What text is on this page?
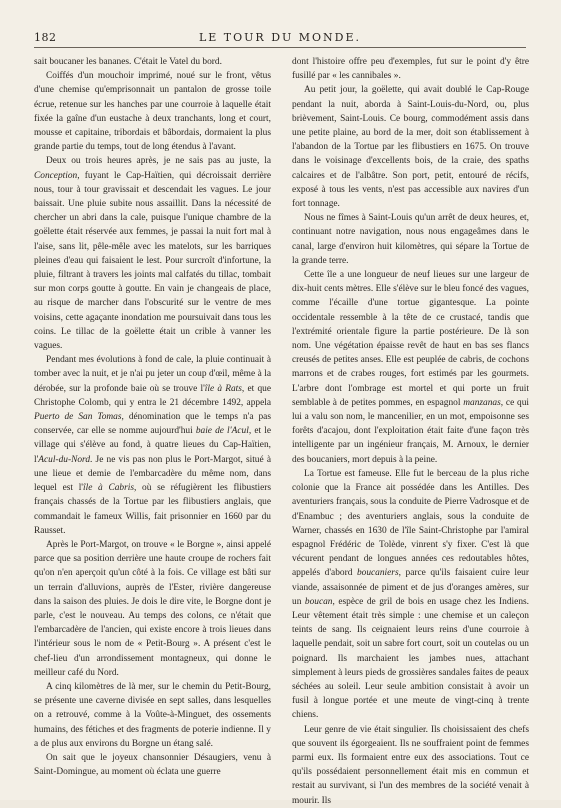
182	LE TOUR DU MONDE.

sait boucaner les bananes. C'était le Vatel du bord.

Coiffés d'un mouchoir imprimé, noué sur le front, vêtus d'une chemise qu'emprisonnait un pantalon de grosse toile écrue, retenue sur les hanches par une courroie à laquelle était fixée la gaîne d'un eustache à deux tranchants, long et court, mousse et capitaine, tribordais et bâbordais, dormaient la plus grande partie du temps, tout de long étendus à l'avant.

Deux ou trois heures après, je ne sais pas au juste, la Conception, fuyant le Cap-Haïtien, qui décroissait derrière nous, tour à tour gravissait et descendait les vagues. Le jour baissait. Une pluie subite nous assaillit. Dans la nécessité de chercher un abri dans la cale, puisque l'unique chambre de la goëlette était réservée aux femmes, je passai la nuit fort mal à l'aise, sans lit, pêle-mêle avec les matelots, sur les barriques pleines d'eau qui faisaient le lest. Pour surcroît d'infortune, la pluie, filtrant à travers les joints mal calfatés du tillac, tombait sur mon corps goutte à goutte. En vain je changeais de place, au risque de marcher dans l'obscurité sur le ventre de mes voisins, cette agaçante inondation me poursuivait dans tous les coins. Le tillac de la goëlette était un crible à vanner les vagues.

Pendant mes évolutions à fond de cale, la pluie continuait à tomber avec la nuit, et je n'ai pu jeter un coup d'œil, même à la dérobée, sur la profonde baie où se trouve l'île à Rats, et que Christophe Colomb, qui y entra le 21 décembre 1492, appela Puerto de San Tomas, dénomination que le temps n'a pas conservée, car elle se nomme aujourd'hui baie de l'Acul, et le village qui s'élève au fond, à quatre lieues du Cap-Haïtien, l'Acul-du-Nord. Je ne vis pas non plus le Port-Margot, situé à une lieue et demie de l'embarcadère du même nom, dans lequel est l'île à Cabris, où se réfugièrent les flibustiers français chassés de la Tortue par les flibustiers anglais, que commandait le fameux Willis, fait prisonnier en 1660 par du Rausset.

Après le Port-Margot, on trouve « le Borgne », ainsi appelé parce que sa position derrière une haute croupe de rochers fait qu'on n'en aperçoit qu'un côté à la fois. Ce village est bâti sur un terrain d'alluvions, auprès de l'Ester, rivière dangereuse dans la saison des pluies. Je dois le dire vite, le Borgne dont je parle, c'est le nouveau. Au temps des colons, ce n'était que l'embarcadère de l'ancien, qui existe encore à trois lieues dans l'intérieur sous le nom de « Petit-Bourg ». A présent c'est le chef-lieu d'un arrondissement montagneux, qui donne le meilleur café du Nord.

A cinq kilomètres de là mer, sur le chemin du Petit-Bourg, se présente une caverne divisée en sept salles, dans lesquelles on a retrouvé, comme à la Voûte-à-Minguet, des ossements humains, des fétiches et des fragments de poterie indienne. Il y a de plus aux environs du Borgne un étang salé.

On sait que le joyeux chansonnier Désaugiers, venu à Saint-Domingue, au moment où éclata une guerre

dont l'histoire offre peu d'exemples, fut sur le point d'y être fusillé par « les cannibales ».

Au petit jour, la goëlette, qui avait doublé le Cap-Rouge pendant la nuit, aborda à Saint-Louis-du-Nord, ou, plus brièvement, Saint-Louis. Ce bourg, commodément assis dans une petite plaine, au bord de la mer, doit son établissement à l'abandon de la Tortue par les flibustiers en 1675. On trouve dans le voisinage d'excellents bois, de la craie, des spaths calcaires et de l'albâtre. Son port, petit, entouré de récifs, exposé à tous les vents, n'est pas accessible aux navires d'un fort tonnage.

Nous ne fîmes à Saint-Louis qu'un arrêt de deux heures, et, continuant notre navigation, nous nous engageâmes dans le canal, large d'environ huit kilomètres, qui sépare la Tortue de la grande terre.

Cette île a une longueur de neuf lieues sur une largeur de dix-huit cents mètres. Elle s'élève sur le bleu foncé des vagues, comme l'écaille d'une tortue gigantesque. La pointe occidentale ressemble à la tête de ce crustacé, tandis que l'extrémité orientale figure la partie postérieure. De là son nom. Une végétation épaisse revêt de haut en bas ses flancs creusés de petites anses. Elle est peuplée de cabris, de cochons marrons et de crabes rouges, fort estimés par les gourmets. L'arbre dont l'ombrage est mortel et qui porte un fruit semblable à de petites pommes, en espagnol manzanas, ce qui lui a valu son nom, le mancenilier, en un mot, empoisonne ses forêts d'acajou, dont l'exploitation était faite d'une façon très intelligente par un ingénieur français, M. Arnoux, le dernier des boucaniers, mort depuis à la peine.

La Tortue est fameuse. Elle fut le berceau de la plus riche colonie que la France ait possédée dans les Antilles. Des aventuriers français, sous la conduite de Pierre Vadrosque et de d'Enambuc ; des aventuriers anglais, sous la conduite de Warner, chassés en 1630 de l'île Saint-Christophe par l'amiral espagnol Frédéric de Tolède, vinrent s'y fixer. C'est là que vécurent pendant de longues années ces redoutables hôtes, appelés d'abord boucaniers, parce qu'ils faisaient cuire leur viande, assaisonnée de piment et de jus d'oranges amères, sur un boucan, espèce de gril de bois en usage chez les Indiens. Leur vêtement était très simple : une chemise et un caleçon teints de sang. Ils ceignaient leurs reins d'une courroie à laquelle pendait, soit un sabre fort court, soit un coutelas ou un poignard. Ils marchaient les jambes nues, attachant simplement à leurs pieds de grossières sandales faites de peaux séchées au soleil. Leur seule ambition consistait à avoir un fusil à longue portée et une meute de vingt-cinq à trente chiens.

Leur genre de vie était singulier. Ils choisissaient des chefs que souvent ils égorgeaient. Ils ne souffraient point de femmes parmi eux. Ils formaient entre eux des associations. Tout ce qu'ils possédaient personnellement était mis en commun et restait au survivant, si l'un des membres de la société venait à mourir. Ils
